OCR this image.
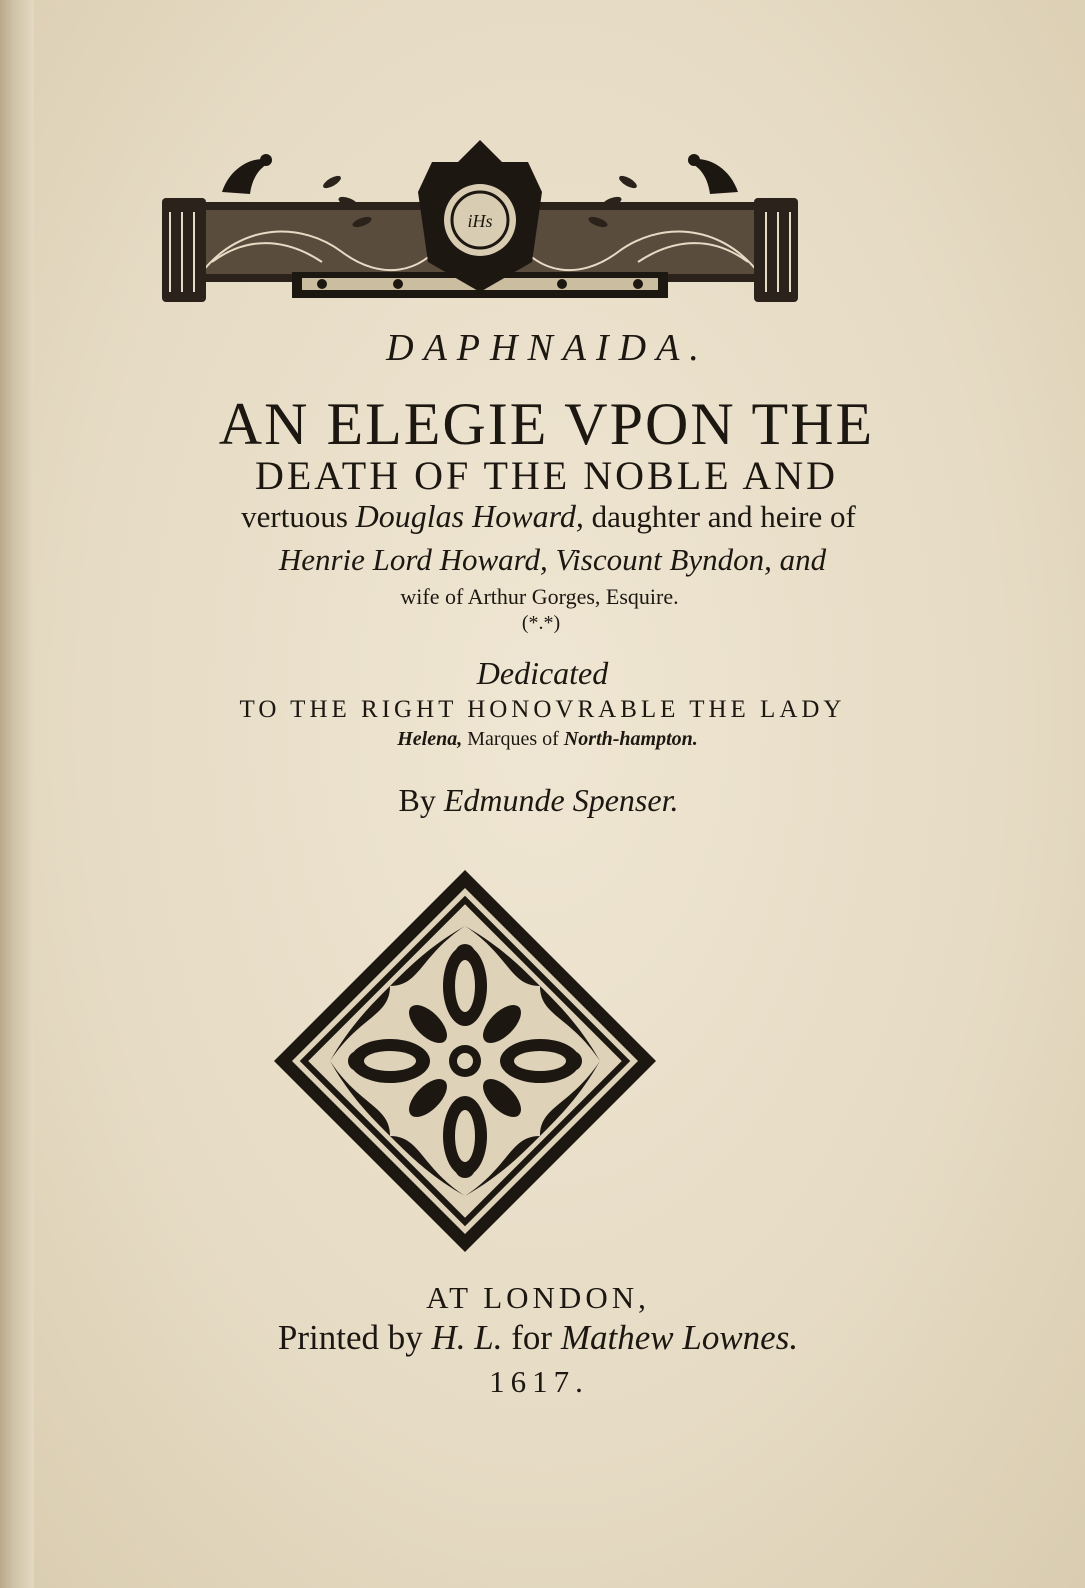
iHs
DAPHNAIDA.
AN ELEGIE VPON THE
DEATH OF THE NOBLE AND
vertuous Douglas Howard, daughter and heire of
Henrie Lord Howard, Viscount Byndon, and
wife of Arthur Gorges, Esquire.
(*.*)
Dedicated
TO THE RIGHT HONOVRABLE THE LADY
Helena, Marques of North-hampton.
By Edmunde Spenser.
AT LONDON,
Printed by H. L. for Mathew Lownes.
1617.
